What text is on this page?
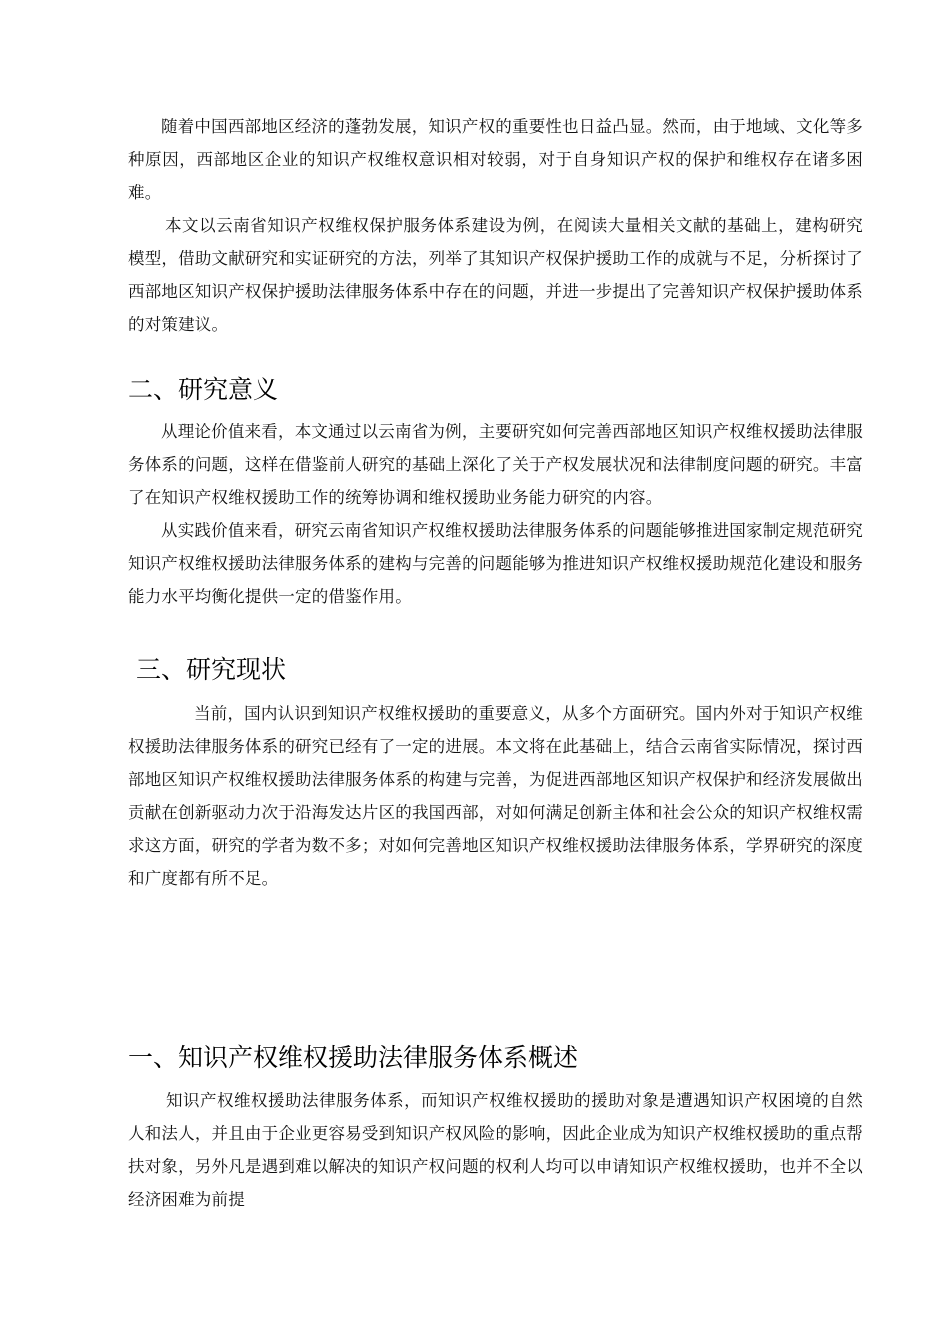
随着中国西部地区经济的蓬勃发展，知识产权的重要性也日益凸显。然而，由于地域、文化等多种原因，西部地区企业的知识产权维权意识相对较弱，对于自身知识产权的保护和维权存在诸多困难。

本文以云南省知识产权维权保护服务体系建设为例，在阅读大量相关文献的基础上，建构研究模型，借助文献研究和实证研究的方法，列举了其知识产权保护援助工作的成就与不足，分析探讨了西部地区知识产权保护援助法律服务体系中存在的问题，并进一步提出了完善知识产权保护援助体系的对策建议。

二、研究意义

从理论价值来看，本文通过以云南省为例，主要研究如何完善西部地区知识产权维权援助法律服务体系的问题，这样在借鉴前人研究的基础上深化了关于产权发展状况和法律制度问题的研究。丰富了在知识产权维权援助工作的统筹协调和维权援助业务能力研究的内容。

从实践价值来看，研究云南省知识产权维权援助法律服务体系的问题能够推进国家制定规范研究知识产权维权援助法律服务体系的建构与完善的问题能够为推进知识产权维权援助规范化建设和服务能力水平均衡化提供一定的借鉴作用。

三、研究现状

当前，国内认识到知识产权维权援助的重要意义，从多个方面研究。国内外对于知识产权维权援助法律服务体系的研究已经有了一定的进展。本文将在此基础上，结合云南省实际情况，探讨西部地区知识产权维权援助法律服务体系的构建与完善，为促进西部地区知识产权保护和经济发展做出贡献在创新驱动力次于沿海发达片区的我国西部，对如何满足创新主体和社会公众的知识产权维权需求这方面，研究的学者为数不多；对如何完善地区知识产权维权援助法律服务体系，学界研究的深度和广度都有所不足。

一、知识产权维权援助法律服务体系概述

知识产权维权援助法律服务体系，而知识产权维权援助的援助对象是遭遇知识产权困境的自然人和法人，并且由于企业更容易受到知识产权风险的影响，因此企业成为知识产权维权援助的重点帮扶对象，另外凡是遇到难以解决的知识产权问题的权利人均可以申请知识产权维权援助，也并不全以经济困难为前提
